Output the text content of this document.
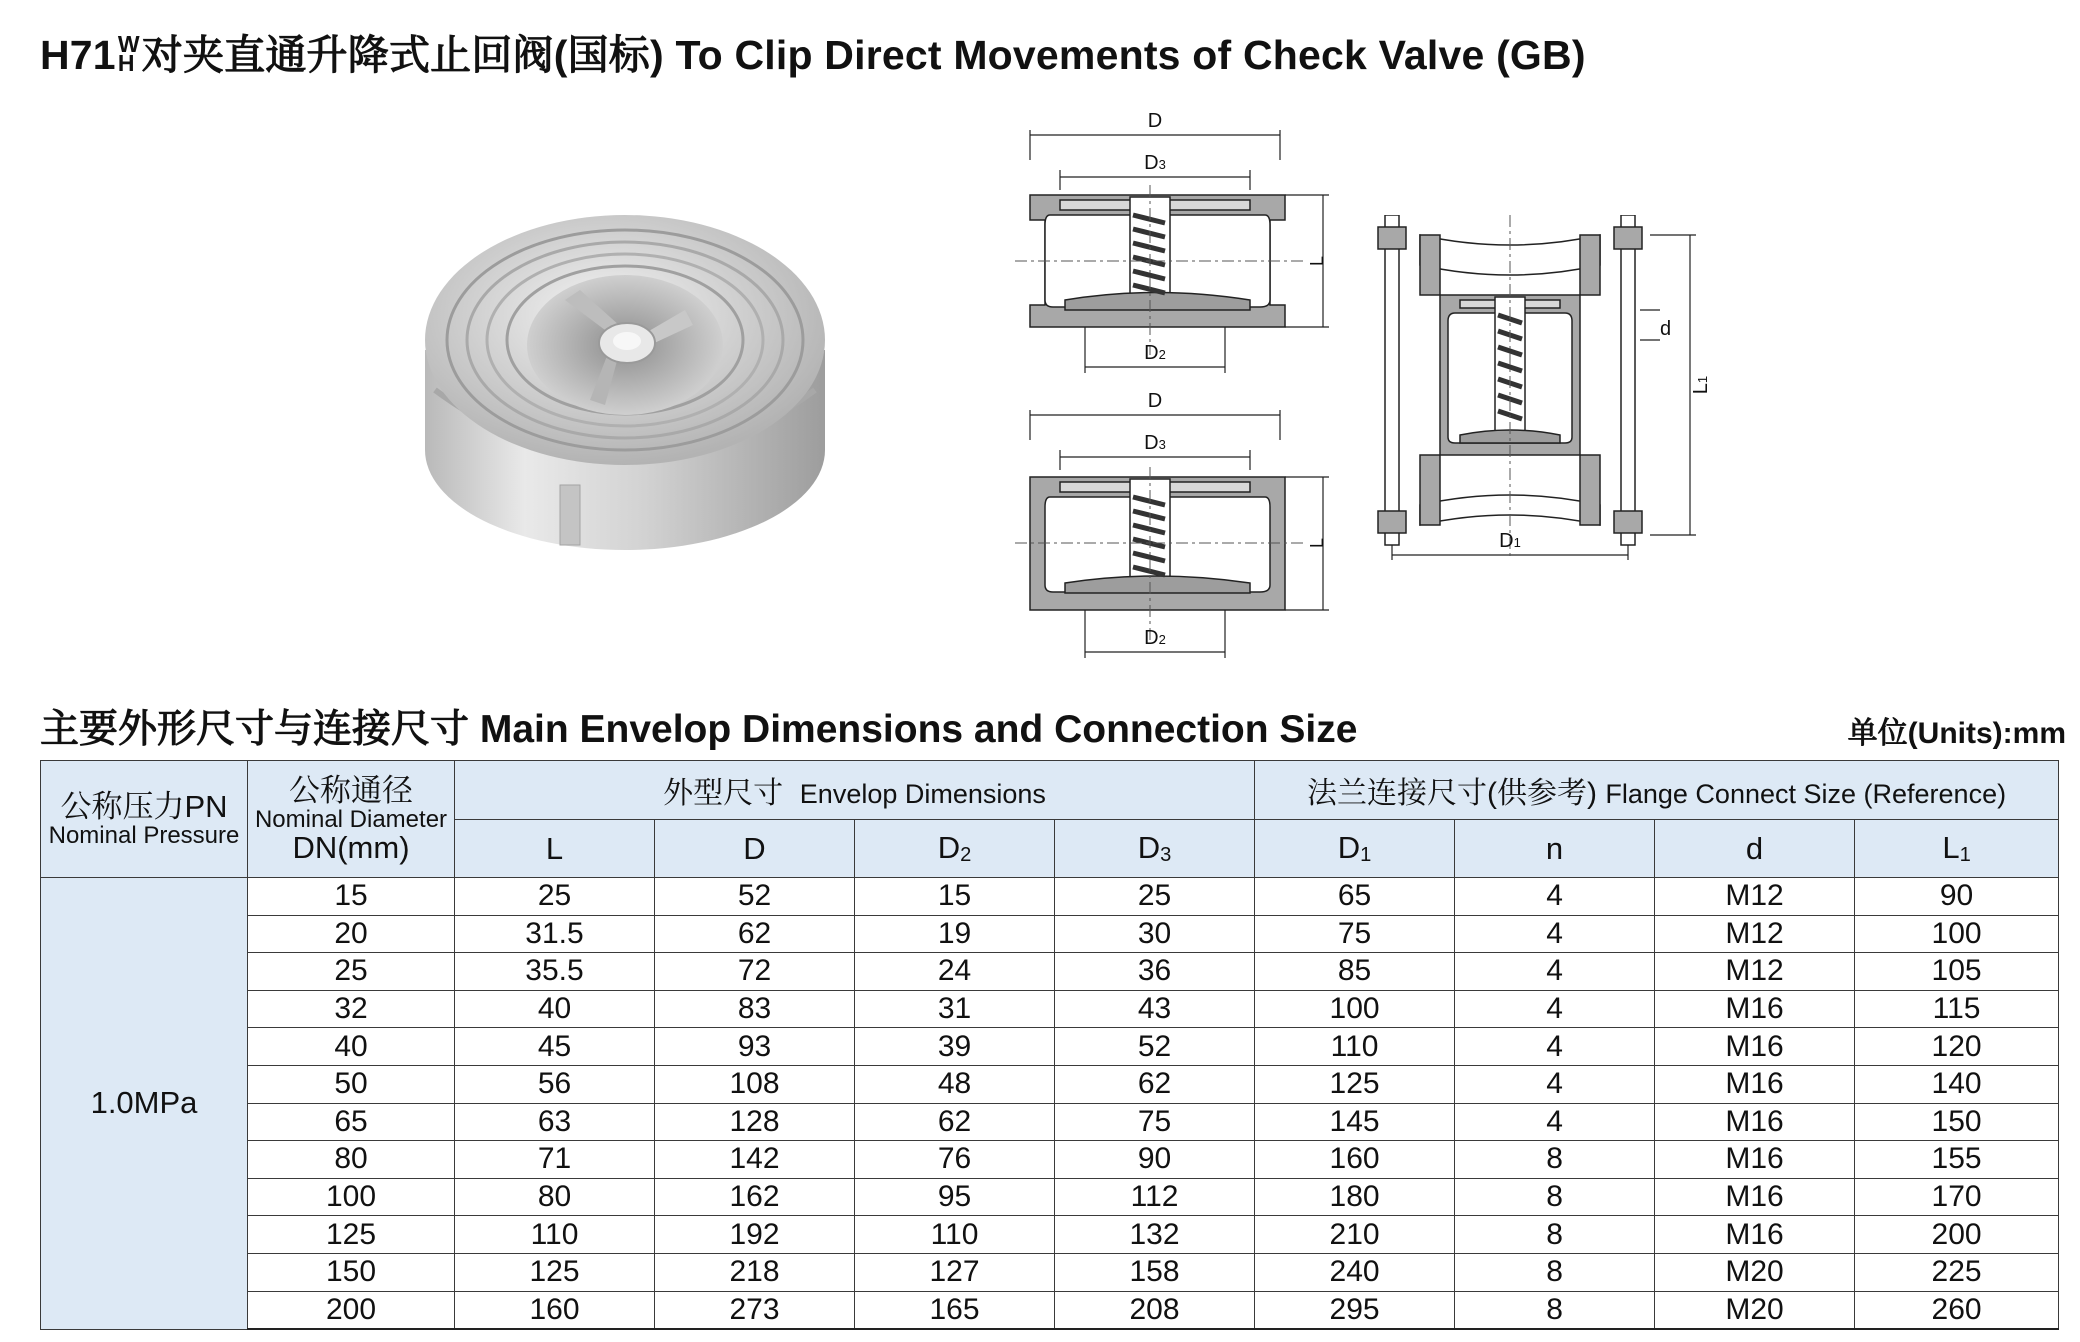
H71 W
H 对夹直通升降式止回阀(国标) To Clip Direct Movements of Check Valve (GB)
D
D3
D2
L
D
D3
D2
L	D1
d
L1
主要外形尺寸与连接尺寸 Main Envelop Dimensions and Connection Size	单位(Units):mm
公称压力PN
Nominal Pressure	公称通径
Nominal Diameter
DN(mm)	外型尺寸 Envelop Dimensions				法兰连接尺寸(供参考) Flange Connect Size (Reference)			
		L	D	$D_2$	$D_3$	$D_1$	n	d	$L_1$
1.0MPa	15	25	52	15	25	65	4	M12	90
	20	31.5	62	19	30	75	4	M12	100
	25	35.5	72	24	36	85	4	M12	105
	32	40	83	31	43	100	4	M16	115
	40	45	93	39	52	110	4	M16	120
	50	56	108	48	62	125	4	M16	140
	65	63	128	62	75	145	4	M16	150
	80	71	142	76	90	160	8	M16	155
	100	80	162	95	112	180	8	M16	170
	125	110	192	110	132	210	8	M16	200
	150	125	218	127	158	240	8	M20	225
	200	160	273	165	208	295	8	M20	260
